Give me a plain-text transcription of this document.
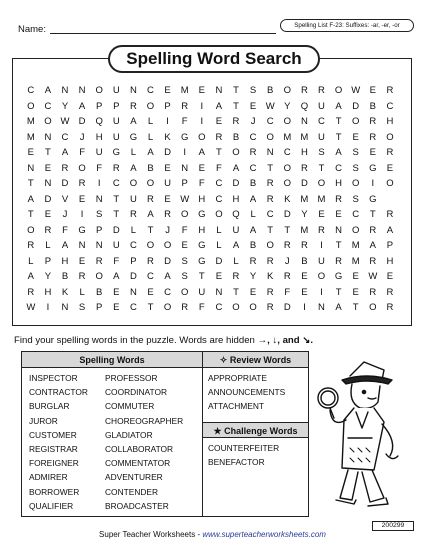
Name:	Spelling List F-23: Suffixes: -ar, -er, -or
Spelling Word Search
C	A	N	N	O	U	N	C	E	M	E	N	T	S	B	O	R	R	O W E	R
O	C	Y	A	P	P	R	O	P	R	I	A	T	E W Y	Q	U	A	D	B	C
M O W D	Q	U	A	L	I	F	I	E	R	J	C	O	N	C	T	O	R	H
M	N	C	J	H	U	G	L	K	G	O	R	B	C	O M M	U	T	E	R	O
E	T	A	F	U	G	L	A	D	I	A	T	O	R	N	C	H	S	A	S	E	R
N	E	R	O	F	R	A	B	E	N	E	F	A	C	T	O	R	T	C	S	G	E
T	N	D	R	I	C	O	O	U	P	F	C	D	B	R	O	D	O	H	O	I	O
A	D	V	E	N	T	U	R	E W H	C	H	A	R	K	M M	R	S	G
T	E	J	I	S	T	R	A	R	O	G	O	Q	L	C	D	Y	E	E	C	T	R
O	R	F	G	P	D	L	T	J	F	H	L	U	A	T	T	M	R	N	O	R	A
R	L	A	N	N	U	C	O	O	E	G	L	A	B	O	R	R	I	T	M	A	P
L	P	H	E	R	F	P	R	D	S	G	D	L	R	R	J	B	U	R	M	R	H
A	Y	B	R	O	A	D	C	A	S	T	E	R	Y	K	R	E	O	G	E W E
R	H	K	L	B	E	N	E	C	O	U	N	T	E	R	F	E	I	T	E	R	R
W	I	N	S	P	E	C	T	O	R	F	C	O	O	R	D	I	N	A	T	O	R
Find your spelling words in the puzzle. Words are hidden →, ↓, and ↘.
Spelling Words	✧ Review Words
INSPECTOR
CONTRACTOR
BURGLAR
JUROR
CUSTOMER
REGISTRAR
FOREIGNER
ADMIRER
BORROWER
QUALIFIER
PROFESSOR
COORDINATOR
COMMUTER
CHOREOGRAPHER
GLADIATOR
COLLABORATOR
COMMENTATOR
ADVENTURER
CONTENDER
BROADCASTER
APPROPRIATE
ANNOUNCEMENTS
ATTACHMENT
★ Challenge Words
COUNTERFEITER
BENEFACTOR
Super Teacher Worksheets - www.superteacherworksheets.com
200299
